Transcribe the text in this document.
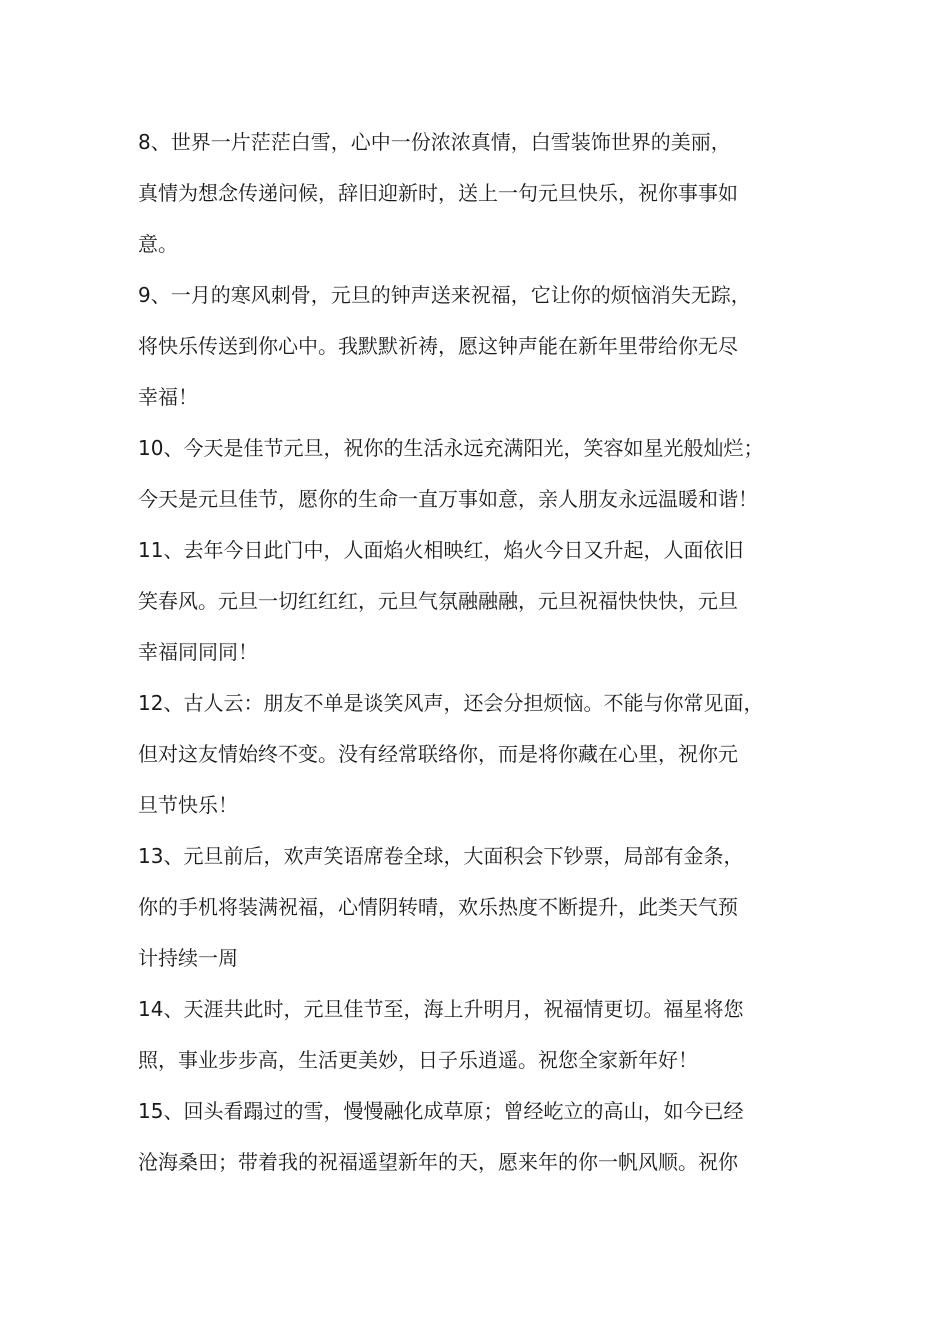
8、世界一片茫茫白雪，心中一份浓浓真情，白雪装饰世界的美丽，
真情为想念传递问候，辞旧迎新时，送上一句元旦快乐，祝你事事如
意。

9、一月的寒风刺骨，元旦的钟声送来祝福，它让你的烦恼消失无踪，
将快乐传送到你心中。我默默祈祷，愿这钟声能在新年里带给你无尽
幸福！

10、今天是佳节元旦，祝你的生活永远充满阳光，笑容如星光般灿烂；
今天是元旦佳节，愿你的生命一直万事如意，亲人朋友永远温暖和谐！

11、去年今日此门中，人面焰火相映红，焰火今日又升起，人面依旧
笑春风。元旦一切红红红，元旦气氛融融融，元旦祝福快快快，元旦
幸福同同同！

12、古人云：朋友不单是谈笑风声，还会分担烦恼。不能与你常见面，
但对这友情始终不变。没有经常联络你，而是将你藏在心里，祝你元
旦节快乐！

13、元旦前后，欢声笑语席卷全球，大面积会下钞票，局部有金条，
你的手机将装满祝福，心情阴转晴，欢乐热度不断提升，此类天气预
计持续一周

14、天涯共此时，元旦佳节至，海上升明月，祝福情更切。福星将您
照，事业步步高，生活更美妙，日子乐逍遥。祝您全家新年好！

15、回头看蹋过的雪，慢慢融化成草原；曾经屹立的高山，如今已经
沧海桑田；带着我的祝福遥望新年的天，愿来年的你一帆风顺。祝你
